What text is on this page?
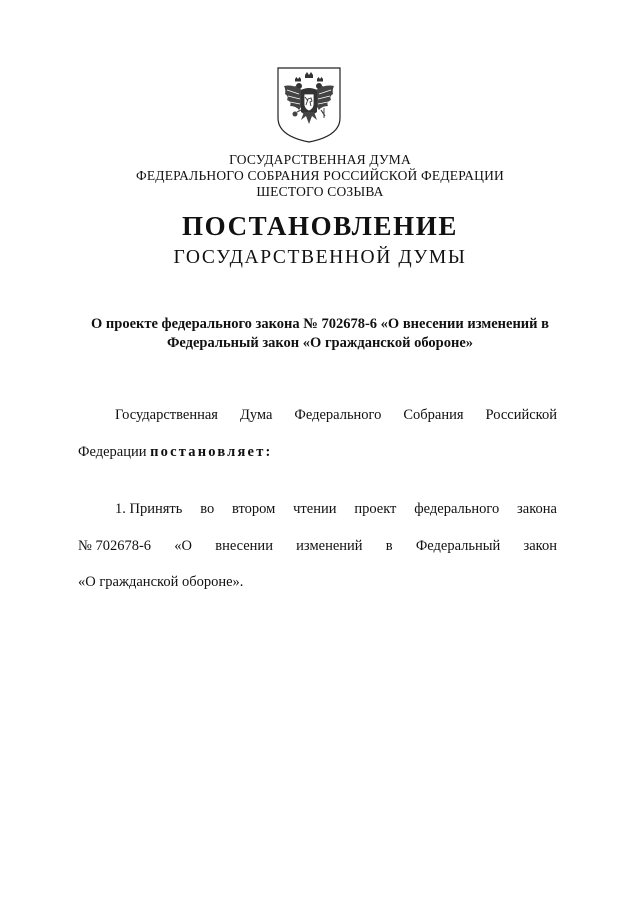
ГОСУДАРСТВЕННАЯ ДУМА
ФЕДЕРАЛЬНОГО СОБРАНИЯ РОССИЙСКОЙ ФЕДЕРАЦИИ
ШЕСТОГО СОЗЫВА
ПОСТАНОВЛЕНИЕ
ГОСУДАРСТВЕННОЙ ДУМЫ
О проекте федерального закона № 702678-6 «О внесении изменений в
Федеральный закон «О гражданской обороне»
Государственная Дума Федерального Собрания Российской
Федерации постановляет:
1. Принять во втором чтении проект федерального закона
№ 702678-6 «О внесении изменений в Федеральный закон
«О гражданской обороне».
